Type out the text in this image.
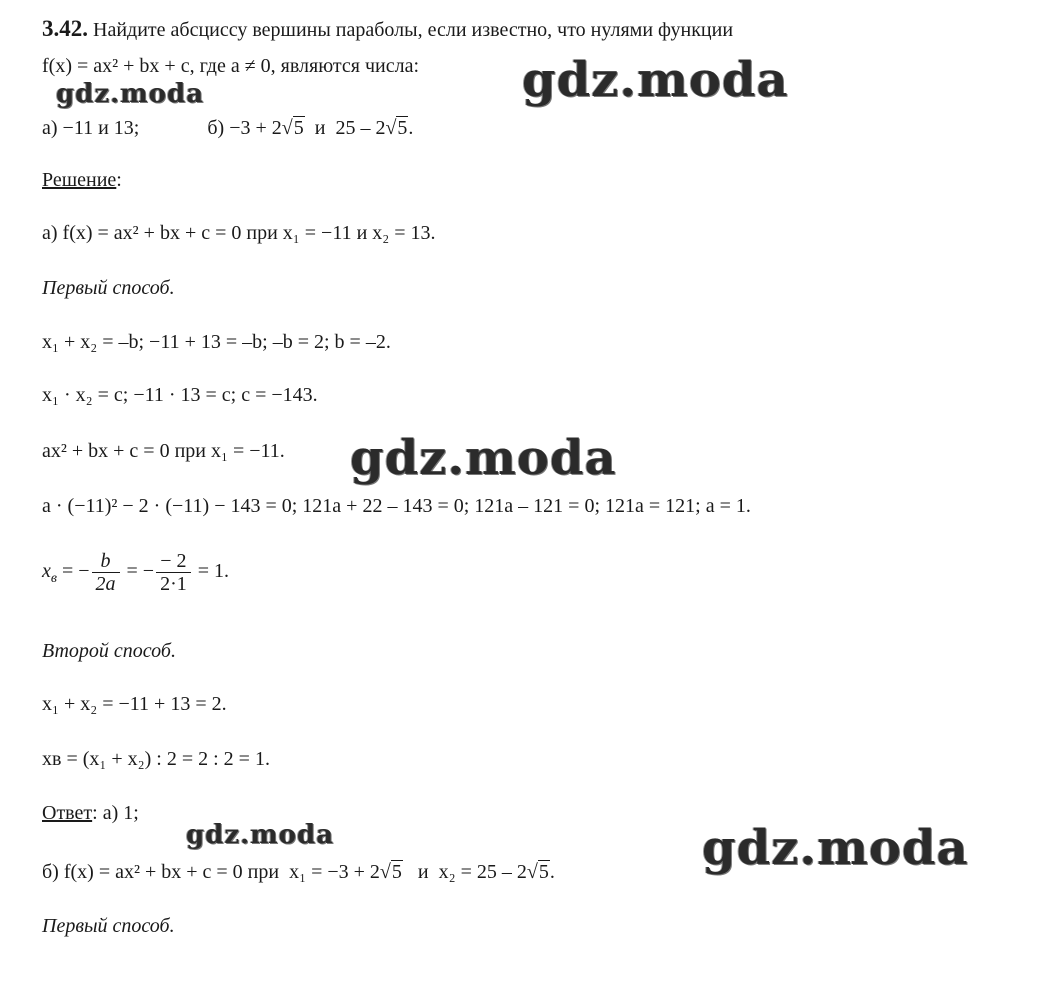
3.42. Найдите абсциссу вершины параболы, если известно, что нулями функции
f(x) = ax² + bx + c, где a ≠ 0, являются числа:
а) −11 и 13;	б) −3 + 2√5  и  25 – 2√5.
Решение:
а) f(x) = ax² + bx + c = 0 при x₁ = −11 и x₂ = 13.
Первый способ.
x₁ + x₂ = –b; −11 + 13 = –b; –b = 2; b = –2.
x₁ · x₂ = c; −11 · 13 = c; c = −143.
ax² + bx + c = 0 при x₁ = −11.
a · (−11)² − 2 · (−11) − 143 = 0; 121a + 22 – 143 = 0; 121a – 121 = 0; 121a = 121; a = 1.
$x_в$ = − $\frac{b}{2a}$ = − $\frac{- 2}{2\cdot 1} = 1$.
Второй способ.
x₁ + x₂ = −11 + 13 = 2.
xв = (x₁ + x₂) : 2 = 2 : 2 = 1.
Ответ: а) 1;
б) f(x) = ax² + bx + c = 0 при  x₁ = −3 + 2√5   и  x₂ = 25 – 2√5.
Первый способ.
gdz.moda
gdz.moda
gdz.moda
gdz.moda	gdz.moda
